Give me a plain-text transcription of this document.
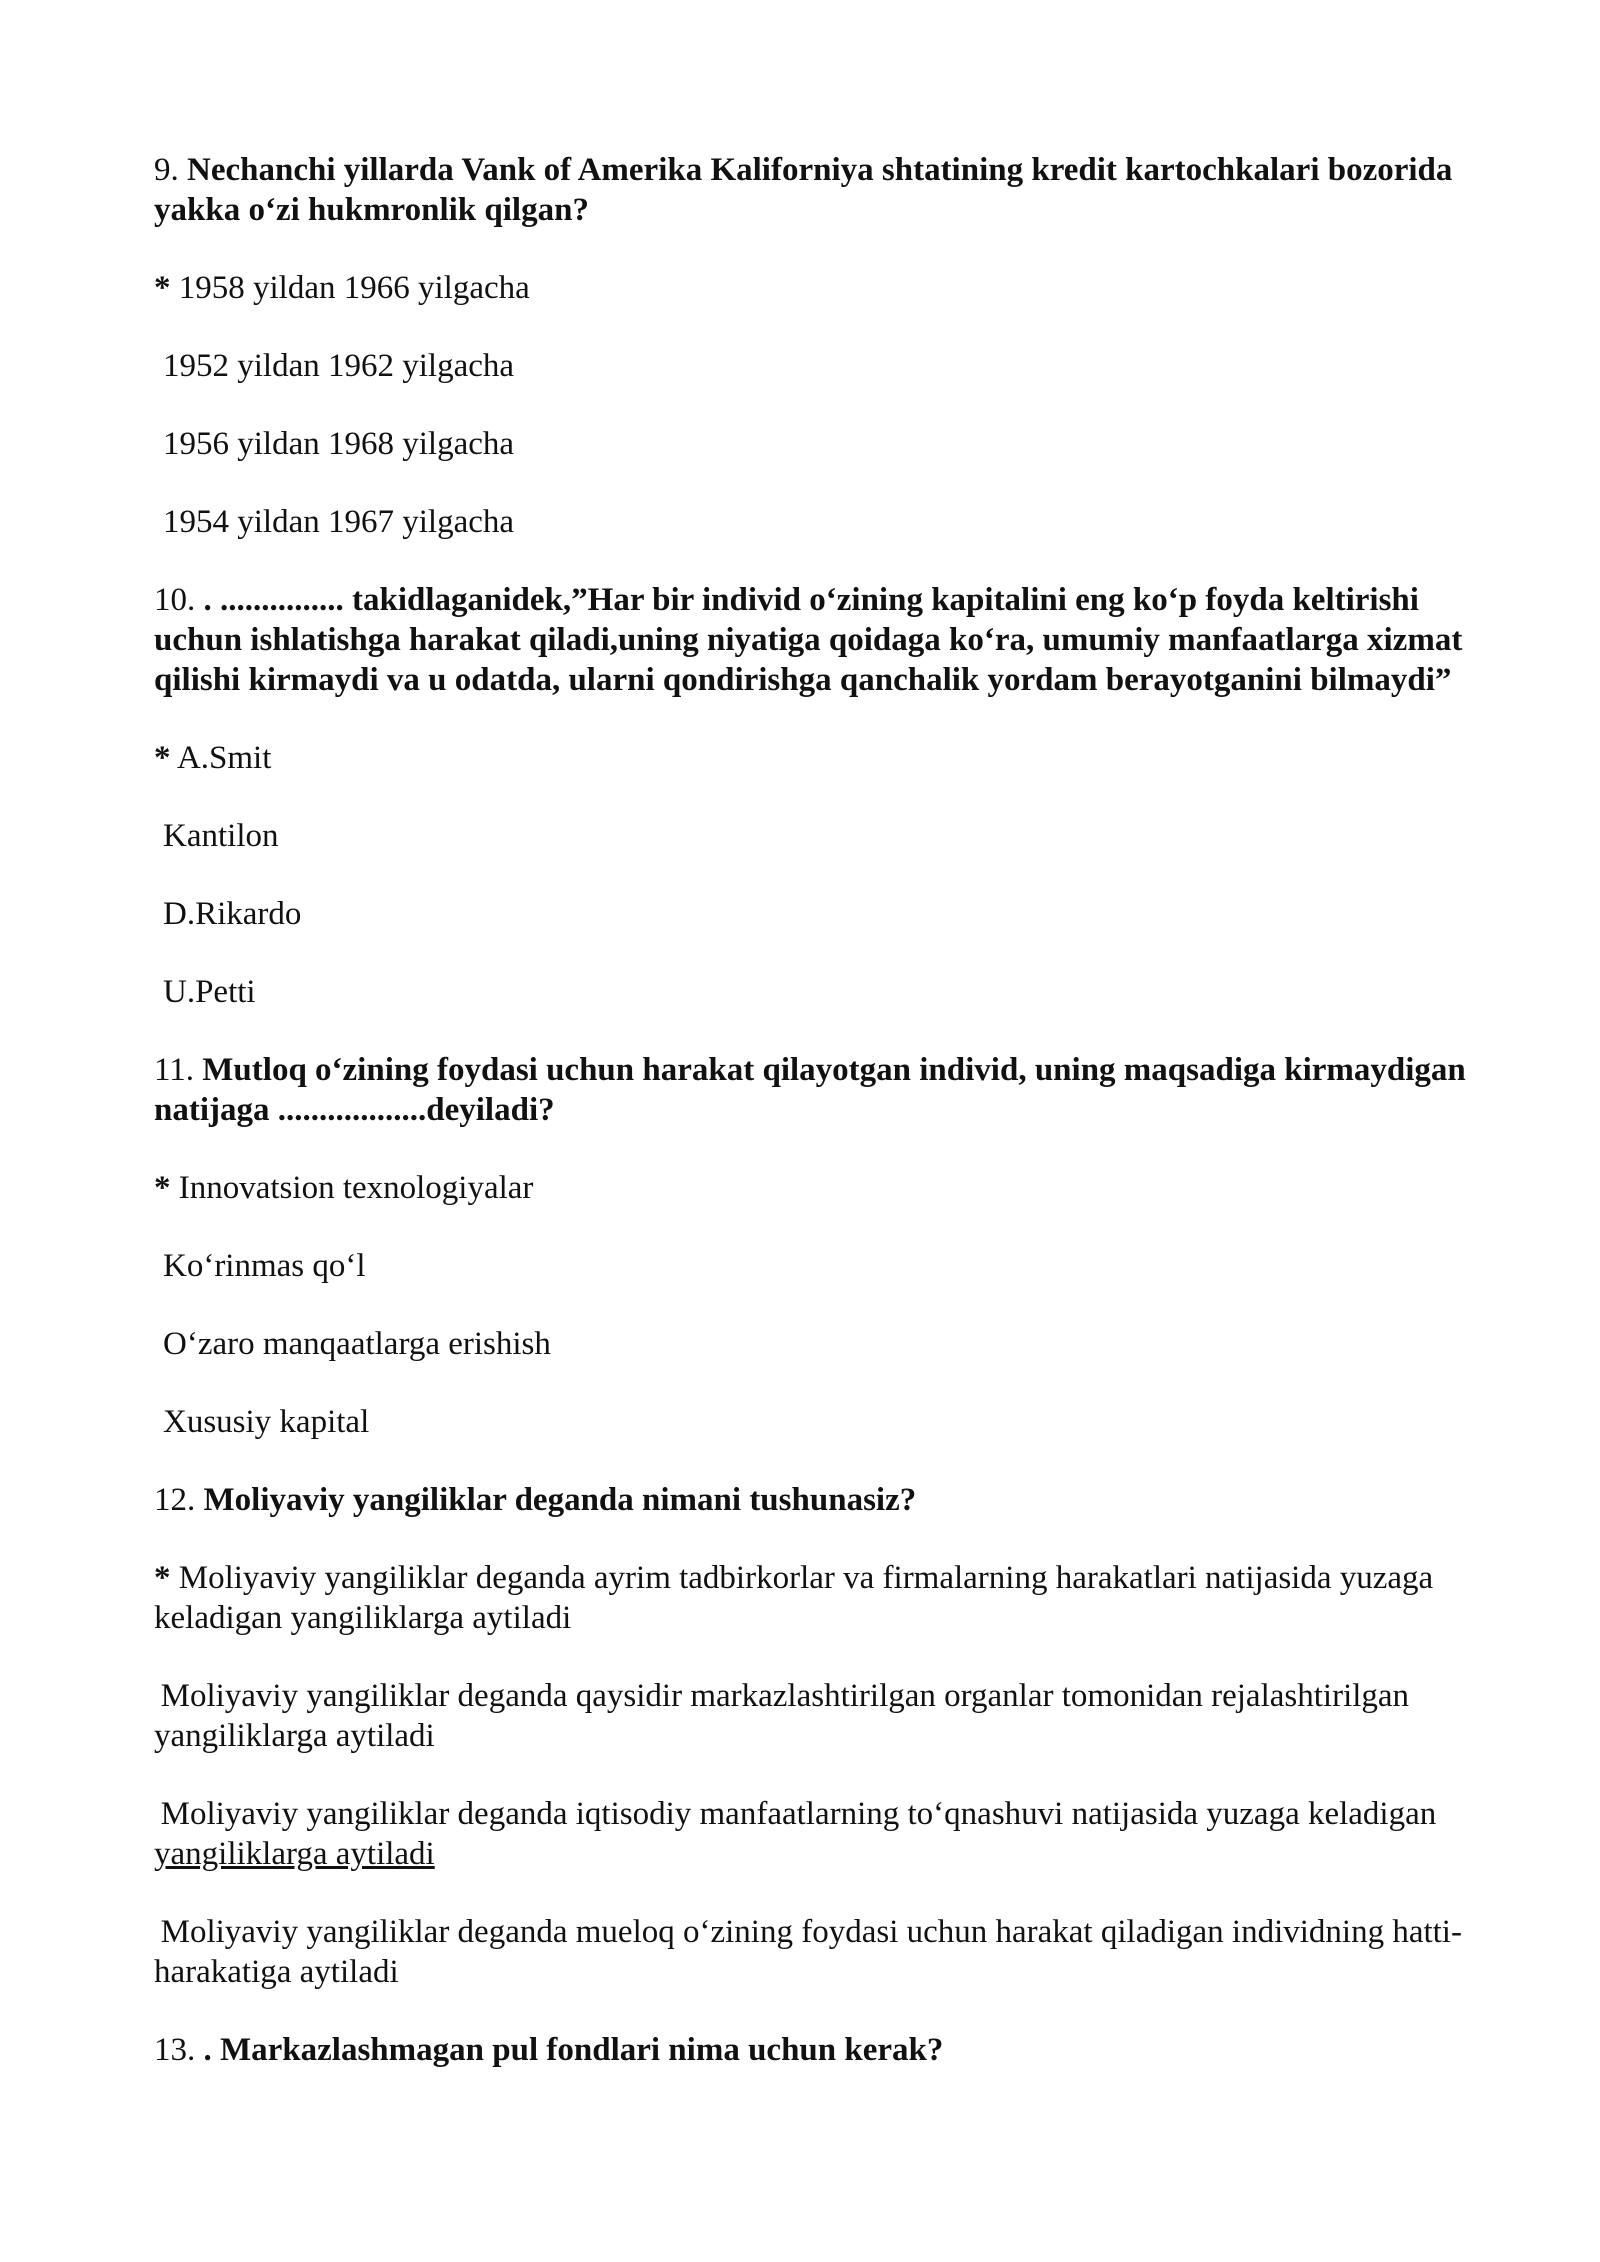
9. Nechanchi yillarda Vank of Amerika Kaliforniya shtatining kredit kartochkalari bozorida yakka o‘zi hukmronlik qilgan?

* 1958 yildan 1966 yilgacha

1952 yildan 1962 yilgacha

1956 yildan 1968 yilgacha

1954 yildan 1967 yilgacha

10. . ............... takidlaganidek,”Har bir individ o‘zining kapitalini eng ko‘p foyda keltirishi uchun ishlatishga harakat qiladi,uning niyatiga qoidaga ko‘ra, umumiy manfaatlarga xizmat qilishi kirmaydi va u odatda, ularni qondirishga qanchalik yordam berayotganini bilmaydi”

* A.Smit

Kantilon

D.Rikardo

U.Petti

11. Mutloq o‘zining foydasi uchun harakat qilayotgan individ, uning maqsadiga kirmaydigan natijaga ..................deyiladi?

* Innovatsion texnologiyalar

Ko‘rinmas qo‘l

O‘zaro manqaatlarga erishish

Xususiy kapital

12. Moliyaviy yangiliklar deganda nimani tushunasiz?

* Moliyaviy yangiliklar deganda ayrim tadbirkorlar va firmalarning harakatlari natijasida yuzaga keladigan yangiliklarga aytiladi

 Moliyaviy yangiliklar deganda qaysidir markazlashtirilgan organlar tomonidan rejalashtirilgan yangiliklarga aytiladi

 Moliyaviy yangiliklar deganda iqtisodiy manfaatlarning to‘qnashuvi natijasida yuzaga keladigan yangiliklarga aytiladi

 Moliyaviy yangiliklar deganda mueloq o‘zining foydasi uchun harakat qiladigan individning hatti-harakatiga aytiladi

13. . Markazlashmagan pul fondlari nima uchun kerak?
